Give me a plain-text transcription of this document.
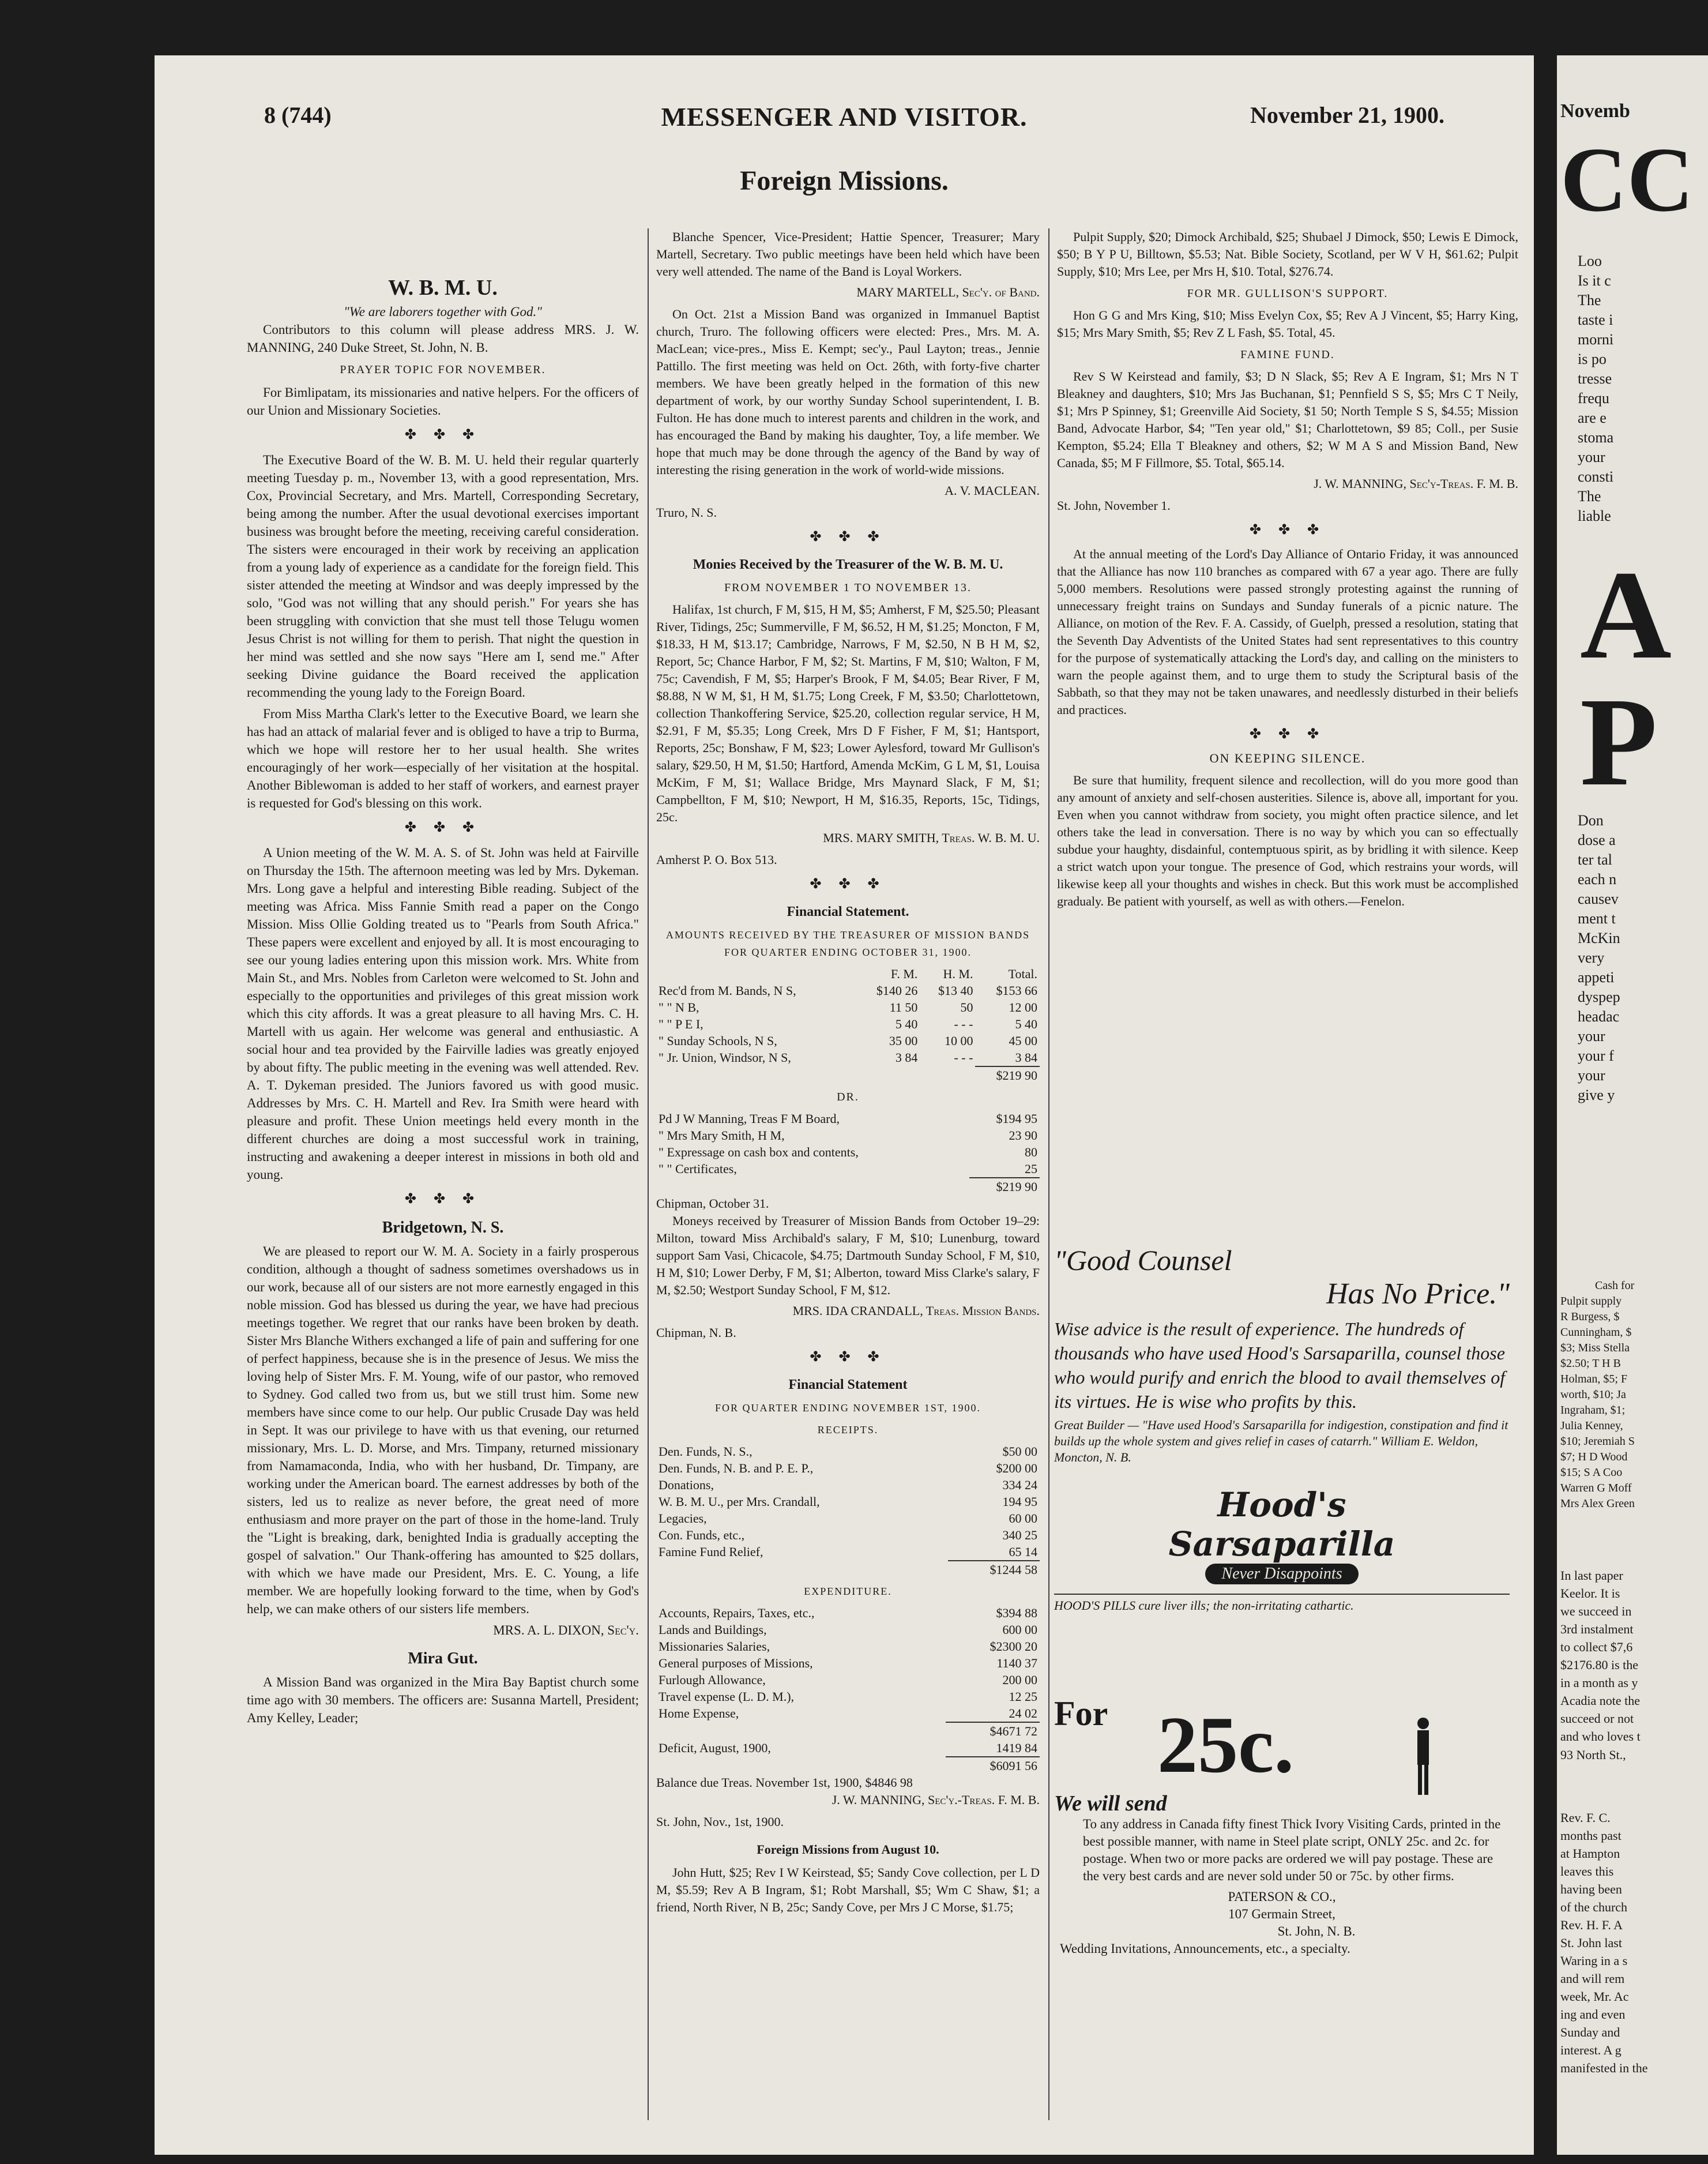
8 (744)	MESSENGER AND VISITOR.	November 21, 1900.
Foreign Missions.
W. B. M. U.
"We are laborers together with God."

Contributors to this column will please address MRS. J. W. MANNING, 240 Duke Street, St. John, N. B.

PRAYER TOPIC FOR NOVEMBER.

For Bimlipatam, its missionaries and native helpers. For the officers of our Union and Missionary Societies.

✤ ✤ ✤

The Executive Board of the W. B. M. U. held their regular quarterly meeting Tuesday p. m., November 13, with a good representation, Mrs. Cox, Provincial Secretary, and Mrs. Martell, Corresponding Secretary, being among the number. After the usual devotional exercises important business was brought before the meeting, receiving careful consideration. The sisters were encouraged in their work by receiving an application from a young lady of experience as a candidate for the foreign field. This sister attended the meeting at Windsor and was deeply impressed by the solo, "God was not willing that any should perish." For years she has been struggling with conviction that she must tell those Telugu women Jesus Christ is not willing for them to perish. That night the question in her mind was settled and she now says "Here am I, send me." After seeking Divine guidance the Board received the application recommending the young lady to the Foreign Board.

From Miss Martha Clark's letter to the Executive Board, we learn she has had an attack of malarial fever and is obliged to have a trip to Burma, which we hope will restore her to her usual health. She writes encouragingly of her work—especially of her visitation at the hospital. Another Biblewoman is added to her staff of workers, and earnest prayer is requested for God's blessing on this work.

✤ ✤ ✤

A Union meeting of the W. M. A. S. of St. John was held at Fairville on Thursday the 15th. The afternoon meeting was led by Mrs. Dykeman. Mrs. Long gave a helpful and interesting Bible reading. Subject of the meeting was Africa. Miss Fannie Smith read a paper on the Congo Mission. Miss Ollie Golding treated us to "Pearls from South Africa." These papers were excellent and enjoyed by all. It is most encouraging to see our young ladies entering upon this mission work. Mrs. White from Main St., and Mrs. Nobles from Carleton were welcomed to St. John and especially to the opportunities and privileges of this great mission work which this city affords. It was a great pleasure to all having Mrs. C. H. Martell with us again. Her welcome was general and enthusiastic. A social hour and tea provided by the Fairville ladies was greatly enjoyed by about fifty. The public meeting in the evening was well attended. Rev. A. T. Dykeman presided. The Juniors favored us with good music. Addresses by Mrs. C. H. Martell and Rev. Ira Smith were heard with pleasure and profit. These Union meetings held every month in the different churches are doing a most successful work in training, instructing and awakening a deeper interest in missions in both old and young.

✤ ✤ ✤
Bridgetown, N. S.

We are pleased to report our W. M. A. Society in a fairly prosperous condition, although a thought of sadness sometimes overshadows us in our work, because all of our sisters are not more earnestly engaged in this noble mission. God has blessed us during the year, we have had precious meetings together. We regret that our ranks have been broken by death. Sister Mrs Blanche Withers exchanged a life of pain and suffering for one of perfect happiness, because she is in the presence of Jesus. We miss the loving help of Sister Mrs. F. M. Young, wife of our pastor, who removed to Sydney. God called two from us, but we still trust him. Some new members have since come to our help. Our public Crusade Day was held in Sept. It was our privilege to have with us that evening, our returned missionary, Mrs. L. D. Morse, and Mrs. Timpany, returned missionary from Namamaconda, India, who with her husband, Dr. Timpany, are working under the American board. The earnest addresses by both of the sisters, led us to realize as never before, the great need of more enthusiasm and more prayer on the part of those in the home-land. Truly the "Light is breaking, dark, benighted India is gradually accepting the gospel of salvation." Our Thank-offering has amounted to $25 dollars, with which we have made our President, Mrs. E. C. Young, a life member. We are hopefully looking forward to the time, when by God's help, we can make others of our sisters life members.

MRS. A. L. DIXON, Sec'y.
Mira Gut.

A Mission Band was organized in the Mira Bay Baptist church some time ago with 30 members. The officers are: Susanna Martell, President; Amy Kelley, Leader;

Blanche Spencer, Vice-President; Hattie Spencer, Treasurer; Mary Martell, Secretary. Two public meetings have been held which have been very well attended. The name of the Band is Loyal Workers.

MARY MARTELL, Sec'y. of Band.

On Oct. 21st a Mission Band was organized in Immanuel Baptist church, Truro. The following officers were elected: Pres., Mrs. M. A. MacLean; vice-pres., Miss E. Kempt; sec'y., Paul Layton; treas., Jennie Pattillo. The first meeting was held on Oct. 26th, with forty-five charter members. We have been greatly helped in the formation of this new department of work, by our worthy Sunday School superintendent, I. B. Fulton. He has done much to interest parents and children in the work, and has encouraged the Band by making his daughter, Toy, a life member. We hope that much may be done through the agency of the Band by way of interesting the rising generation in the work of world-wide missions.

A. V. MACLEAN.
Truro, N. S.
✤ ✤ ✤
Monies Received by the Treasurer of the W. B. M. U.
FROM NOVEMBER 1 TO NOVEMBER 13.

Halifax, 1st church, F M, $15, H M, $5; Amherst, F M, $25.50; Pleasant River, Tidings, 25c; Summerville, F M, $6.52, H M, $1.25; Moncton, F M, $18.33, H M, $13.17; Cambridge, Narrows, F M, $2.50, N B H M, $2, Report, 5c; Chance Harbor, F M, $2; St. Martins, F M, $10; Walton, F M, 75c; Cavendish, F M, $5; Harper's Brook, F M, $4.05; Bear River, F M, $8.88, N W M, $1, H M, $1.75; Long Creek, F M, $3.50; Charlottetown, collection Thankoffering Service, $25.20, collection regular service, H M, $2.91, F M, $5.35; Long Creek, Mrs D F Fisher, F M, $1; Hantsport, Reports, 25c; Bonshaw, F M, $23; Lower Aylesford, toward Mr Gullison's salary, $29.50, H M, $1.50; Hartford, Amenda McKim, G L M, $1, Louisa McKim, F M, $1; Wallace Bridge, Mrs Maynard Slack, F M, $1; Campbellton, F M, $10; Newport, H M, $16.35, Reports, 15c, Tidings, 25c.

MRS. MARY SMITH, Treas. W. B. M. U.
Amherst P. O. Box 513.
✤ ✤ ✤
Financial Statement.
AMOUNTS RECEIVED BY THE TREASURER OF MISSION BANDS FOR QUARTER ENDING OCTOBER 31, 1900.
	F. M.	H. M.	Total.
Rec'd from M. Bands, N S,	$140 26	$13 40	$153 66
" " N B,	11 50	50	12 00
" " P E I,	5 40	- - -	5 40
" Sunday Schools, N S,	35 00	10 00	45 00
" Jr. Union, Windsor, N S,	3 84	- - -	3 84
			$219 90
DR.
Pd J W Manning, Treas F M Board,	$194 95
" Mrs Mary Smith, H M,	23 90
" Expressage on cash box and contents,	80
" " Certificates,	25
	$219 90
Chipman, October 31.

Moneys received by Treasurer of Mission Bands from October 19–29: Milton, toward Miss Archibald's salary, F M, $10; Lunenburg, toward support Sam Vasi, Chicacole, $4.75; Dartmouth Sunday School, F M, $10, H M, $10; Lower Derby, F M, $1; Alberton, toward Miss Clarke's salary, F M, $2.50; Westport Sunday School, F M, $12.

MRS. IDA CRANDALL, Treas. Mission Bands.
Chipman, N. B.
✤ ✤ ✤
Financial Statement
FOR QUARTER ENDING NOVEMBER 1ST, 1900.
RECEIPTS.
Den. Funds, N. S.,	$50 00
Den. Funds, N. B. and P. E. P.,	$200 00
Donations,	334 24
W. B. M. U., per Mrs. Crandall,	194 95
Legacies,	60 00
Con. Funds, etc.,	340 25
Famine Fund Relief,	65 14
	$1244 58
EXPENDITURE.
Accounts, Repairs, Taxes, etc.,	$394 88
Lands and Buildings,	600 00
Missionaries Salaries,	$2300 20
General purposes of Missions,	1140 37
Furlough Allowance,	200 00
Travel expense (L. D. M.),	12 25
Home Expense,	24 02
	$4671 72
Deficit, August, 1900,	1419 84
	$6091 56
Balance due Treas. November 1st, 1900, $4846 98
J. W. MANNING, Sec'y.-Treas. F. M. B.
St. John, Nov., 1st, 1900.
Foreign Missions from August 10.

John Hutt, $25; Rev I W Keirstead, $5; Sandy Cove collection, per L D M, $5.59; Rev A B Ingram, $1; Robt Marshall, $5; Wm C Shaw, $1; a friend, North River, N B, 25c; Sandy Cove, per Mrs J C Morse, $1.75;

Pulpit Supply, $20; Dimock Archibald, $25; Shubael J Dimock, $50; Lewis E Dimock, $50; B Y P U, Billtown, $5.53; Nat. Bible Society, Scotland, per W V H, $61.62; Pulpit Supply, $10; Mrs Lee, per Mrs H, $10. Total, $276.74.

FOR MR. GULLISON'S SUPPORT.

Hon G G and Mrs King, $10; Miss Evelyn Cox, $5; Rev A J Vincent, $5; Harry King, $15; Mrs Mary Smith, $5; Rev Z L Fash, $5. Total, 45.

FAMINE FUND.

Rev S W Keirstead and family, $3; D N Slack, $5; Rev A E Ingram, $1; Mrs N T Bleakney and daughters, $10; Mrs Jas Buchanan, $1; Pennfield S S, $5; Mrs C T Neily, $1; Mrs P Spinney, $1; Greenville Aid Society, $1 50; North Temple S S, $4.55; Mission Band, Advocate Harbor, $4; "Ten year old," $1; Charlottetown, $9 85; Coll., per Susie Kempton, $5.24; Ella T Bleakney and others, $2; W M A S and Mission Band, New Canada, $5; M F Fillmore, $5. Total, $65.14.

J. W. MANNING, Sec'y-Treas. F. M. B.
St. John, November 1.
✤ ✤ ✤

At the annual meeting of the Lord's Day Alliance of Ontario Friday, it was announced that the Alliance has now 110 branches as compared with 67 a year ago. There are fully 5,000 members. Resolutions were passed strongly protesting against the running of unnecessary freight trains on Sundays and Sunday funerals of a picnic nature. The Alliance, on motion of the Rev. F. A. Cassidy, of Guelph, pressed a resolution, stating that the Seventh Day Adventists of the United States had sent representatives to this country for the purpose of systematically attacking the Lord's day, and calling on the ministers to warn the people against them, and to urge them to study the Scriptural basis of the Sabbath, so that they may not be taken unawares, and needlessly disturbed in their beliefs and practices.

✤ ✤ ✤
ON KEEPING SILENCE.

Be sure that humility, frequent silence and recollection, will do you more good than any amount of anxiety and self-chosen austerities. Silence is, above all, important for you. Even when you cannot withdraw from society, you might often practice silence, and let others take the lead in conversation. There is no way by which you can so effectually subdue your haughty, disdainful, contemptuous spirit, as by bridling it with silence. Keep a strict watch upon your tongue. The presence of God, which restrains your words, will likewise keep all your thoughts and wishes in check. But this work must be accomplished gradualy. Be patient with yourself, as well as with others.—Fenelon.

"Good Counsel
Has No Price."
Wise advice is the result of experience. The hundreds of thousands who have used Hood's Sarsaparilla, counsel those who would purify and enrich the blood to avail themselves of its virtues. He is wise who profits by this.
Great Builder — "Have used Hood's Sarsaparilla for indigestion, constipation and find it builds up the whole system and gives relief in cases of catarrh." William E. Weldon, Moncton, N. B.
Hood's Sarsaparilla
Never Disappoints
HOOD'S PILLS cure liver ills; the non-irritating cathartic.
For 25c.
We will send
To any address in Canada fifty finest Thick Ivory Visiting Cards, printed in the best possible manner, with name in Steel plate script, ONLY 25c. and 2c. for postage. When two or more packs are ordered we will pay postage. These are the very best cards and are never sold under 50 or 75c. by other firms.
PATERSON & CO.,
107 Germain Street,
St. John, N. B.
Wedding Invitations, Announcements, etc., a specialty.
Novemb
CC
Loo
Is it c
The
taste i
morni
is po
tresse
frequ
are e
stoma
your
consti
The
liable
A
P
Don
dose a
ter tal
each n
causev
ment t
McKin
very
appeti
dyspep
headac
your
your f
your
give y
Cash for
Pulpit supply
R Burgess, $
Cunningham, $
$3; Miss Stella
$2.50; T H B
Holman, $5; F
worth, $10; Ja
Ingraham, $1;
Julia Kenney,
$10; Jeremiah S
$7; H D Wood
$15; S A Coo
Warren G Moff
Mrs Alex Green
In last paper
Keelor. It is
we succeed in
3rd instalment
to collect $7,6
$2176.80 is the
in a month as y
Acadia note the
succeed or not
and who loves t
93 North St.,
Rev. F. C.
months past
at Hampton
leaves this
having been
of the church
Rev. H. F. A
St. John last
Waring in a s
and will rem
week, Mr. Ac
ing and even
Sunday and
interest. A g
manifested in the
